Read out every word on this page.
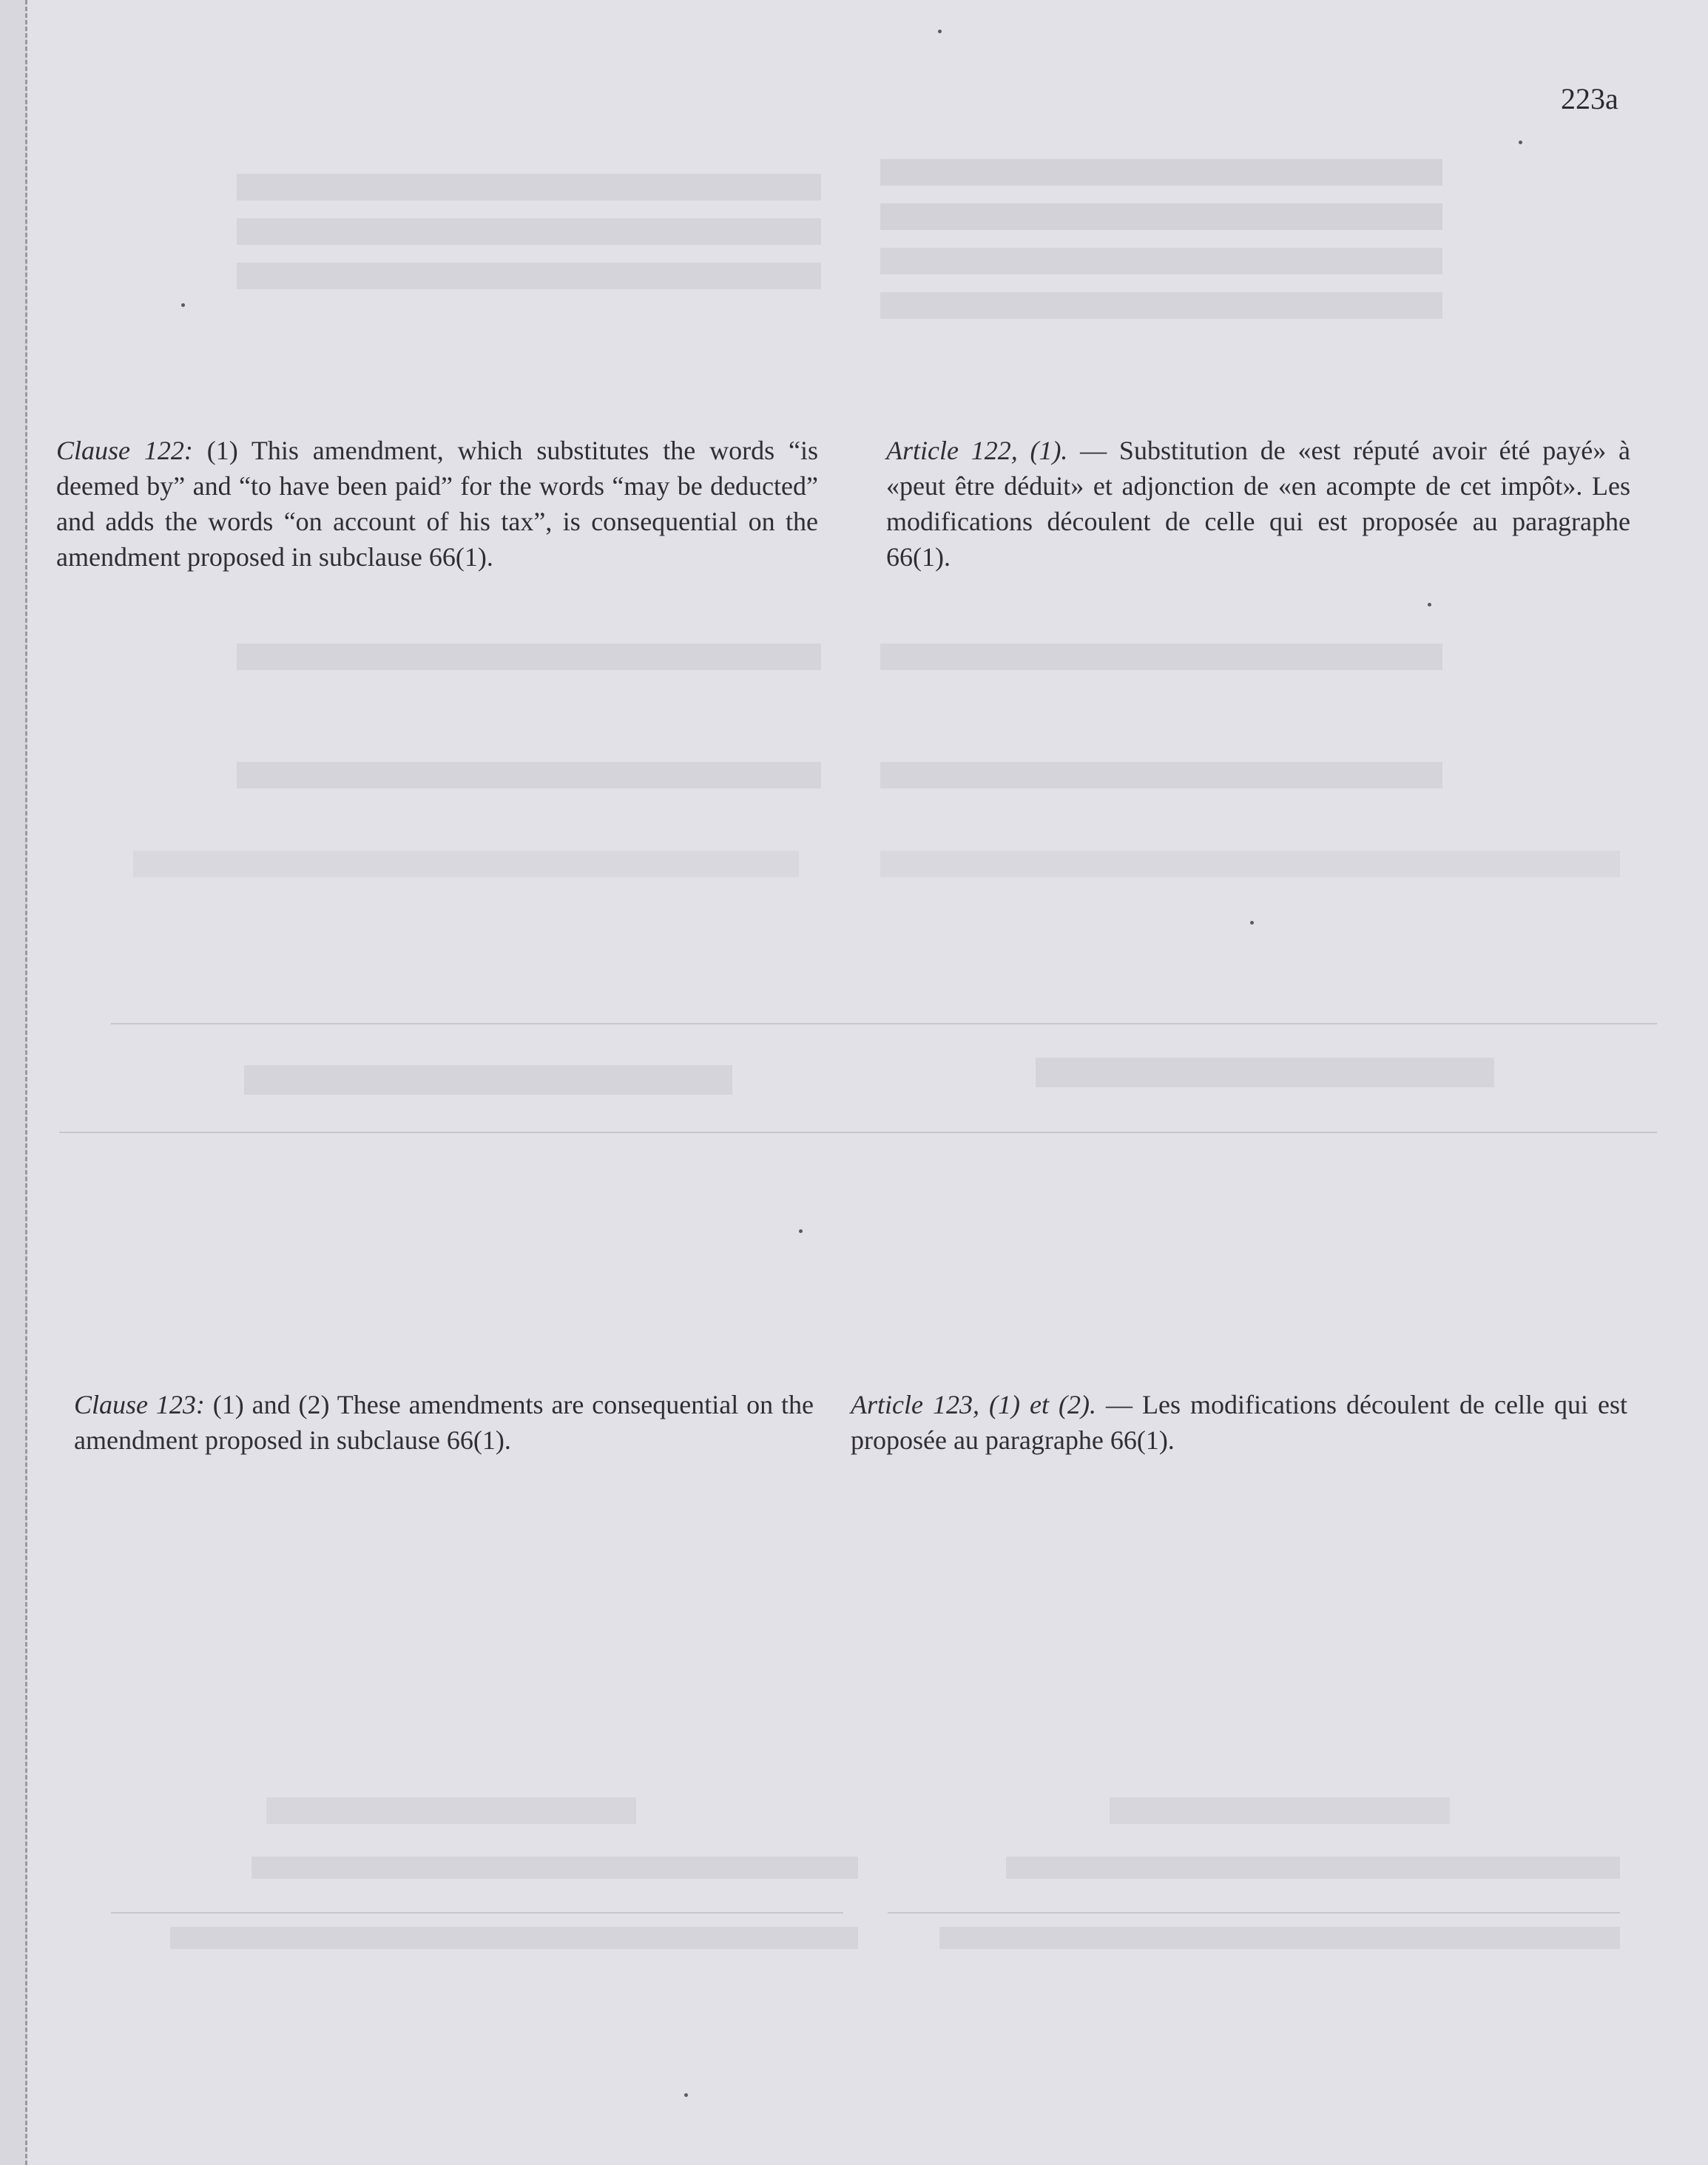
223a

Clause 122: (1) This amendment, which substitutes the words “is deemed by” and “to have been paid” for the words “may be deducted” and adds the words “on account of his tax”, is consequential on the amendment proposed in subclause 66(1).

Article 122, (1). — Substitution de «est réputé avoir été payé» à «peut être déduit» et adjonction de «en acompte de cet impôt». Les modifications découlent de celle qui est proposée au paragraphe 66(1).

Clause 123: (1) and (2) These amendments are consequential on the amendment proposed in subclause 66(1).

Article 123, (1) et (2). — Les modifications découlent de celle qui est proposée au paragraphe 66(1).
